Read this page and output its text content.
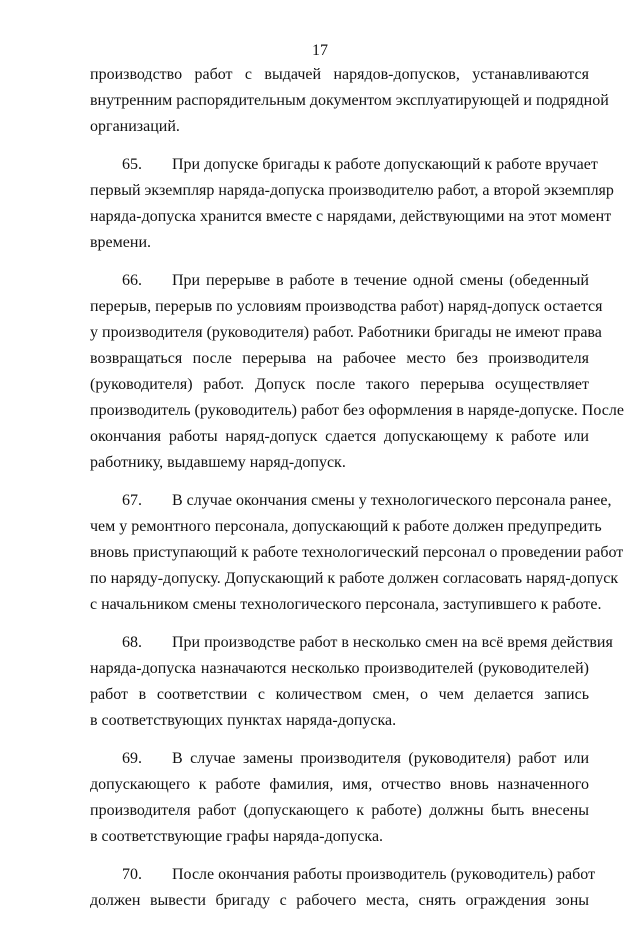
17
производство работ с выдачей нарядов-допусков, устанавливаются
внутренним распорядительным документом эксплуатирующей и подрядной
организаций.
65. При допуске бригады к работе допускающий к работе вручает
первый экземпляр наряда-допуска производителю работ, а второй экземпляр
наряда-допуска хранится вместе с нарядами, действующими на этот момент
времени.
66. При перерыве в работе в течение одной смены (обеденный
перерыв, перерыв по условиям производства работ) наряд-допуск остается
у производителя (руководителя) работ. Работники бригады не имеют права
возвращаться после перерыва на рабочее место без производителя
(руководителя) работ. Допуск после такого перерыва осуществляет
производитель (руководитель) работ без оформления в наряде-допуске. После
окончания работы наряд-допуск сдается допускающему к работе или
работнику, выдавшему наряд-допуск.
67. В случае окончания смены у технологического персонала ранее,
чем у ремонтного персонала, допускающий к работе должен предупредить
вновь приступающий к работе технологический персонал о проведении работ
по наряду-допуску. Допускающий к работе должен согласовать наряд-допуск
с начальником смены технологического персонала, заступившего к работе.
68. При производстве работ в несколько смен на всё время действия
наряда-допуска назначаются несколько производителей (руководителей)
работ в соответствии с количеством смен, о чем делается запись
в соответствующих пунктах наряда-допуска.
69. В случае замены производителя (руководителя) работ или
допускающего к работе фамилия, имя, отчество вновь назначенного
производителя работ (допускающего к работе) должны быть внесены
в соответствующие графы наряда-допуска.
70. После окончания работы производитель (руководитель) работ
должен вывести бригаду с рабочего места, снять ограждения зоны
